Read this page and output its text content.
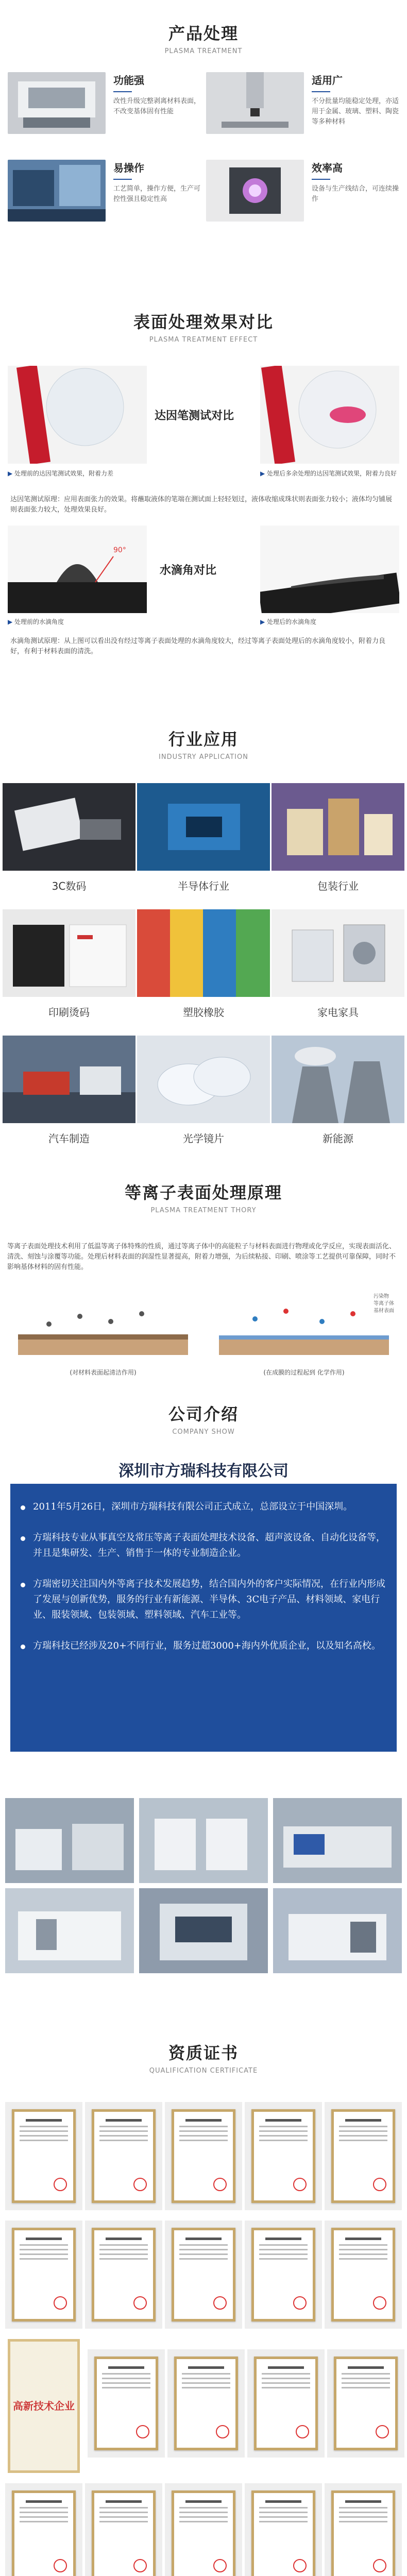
产品处理
PLASMA TREATMENT
功能强

改性升级完整剥离材料表面，不改变基体固有性能

适用广

不分批量均能稳定处理，亦适用于金属、玻璃、塑料、陶瓷等多种材料

易操作

工艺简单，操作方便，生产可控性强且稳定性高

效率高

设备与生产线结合，可连续操作

表面处理效果对比
PLASMA TREATMENT EFFECT
达因笔测试对比
▶ 处理前的达因笔测试效果，附着力差	▶ 处理后多余处理的达因笔测试效果，附着力良好
达因笔测试原理：应用表面张力的效果。将蘸取液体的笔端在测试面上轻轻划过，液体收缩成珠状则表面张力较小；液体均匀铺展则表面张力较大，处理效果良好。
90°
水滴角对比
▶ 处理前的水滴角度	▶ 处理后的水滴角度
水滴角测试原理：从上图可以看出没有经过等离子表面处理的水滴角度较大，经过等离子表面处理后的水滴角度较小，附着力良好，有利于材料表面的清洗。
行业应用
INDUSTRY APPLICATION
3C数码	半导体行业	包装行业
印刷烫码	塑胶橡胶	家电家具
汽车制造	光学镜片	新能源
等离子表面处理原理
PLASMA TREATMENT THORY
等离子表面处理技术利用了低温等离子体特殊的性质，通过等离子体中的高能粒子与材料表面进行物理或化学反应，实现表面活化、清洗、刻蚀与涂覆等功能。处理后材料表面的润湿性显著提高，附着力增强，为后续粘接、印刷、喷涂等工艺提供可靠保障，同时不影响基体材料的固有性能。
污染物
等离子体
基材表面
(对材料表面起清洁作用)	(在成膜的过程起到 化学作用)
公司介绍
COMPANY SHOW
深圳市方瑞科技有限公司
2011年5月26日，深圳市方瑞科技有限公司正式成立，总部设立于中国深圳。
方瑞科技专业从事真空及常压等离子表面处理技术设备、超声波设备、自动化设备等，并且是集研发、生产、销售于一体的专业制造企业。
方瑞密切关注国内外等离子技术发展趋势，结合国内外的客户实际情况，在行业内形成了发展与创新优势，服务的行业有新能源、半导体、3C电子产品、材料领域、家电行业、服装领域、包装领域、塑料领域、汽车工业等。
方瑞科技已经涉及20+不同行业，服务过超3000+海内外优质企业，以及知名高校。
资质证书
QUALIFICATION CERTIFICATE
高新技术企业
